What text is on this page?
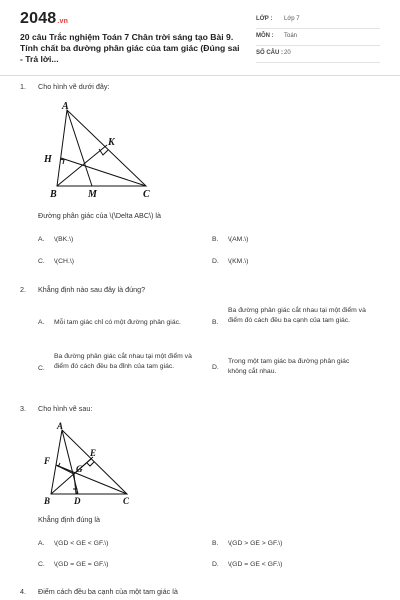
2048.vn
20 câu Trắc nghiệm Toán 7 Chân trời sáng tạo Bài 9. Tính chất ba đường phân giác của tam giác (Đúng sai - Trả lời...
LỚP : Lớp 7
MÔN : Toán
SỐ CÂU : 20
1. Cho hình vẽ dưới đây:
A
K
H
B	M	C
Đường phân giác của \(\Delta ABC\) là
A. \(BK.\)	B. \(AM.\)
C. \(CH.\)	D. \(KM.\)
2. Khẳng định nào sau đây là đúng?
A. Mỗi tam giác chỉ có một đường phân giác.	B.
Ba đường phân giác cắt nhau tại một điểm và điểm đó cách đều ba cạnh của tam giác.
C.
Ba đường phân giác cắt nhau tại một điểm và điểm đó cách đều ba đỉnh của tam giác.	D.
Trong một tam giác ba đường phân giác không cắt nhau.
3. Cho hình vẽ sau:
A
E
F
G
B	D	C
Khẳng định đúng là
A. \(GD < GE < GF.\)	B. \(GD > GE > GF.\)
C. \(GD = GE = GF.\)	D. \(GD = GE < GF.\)
4. Điểm cách đều ba cạnh của một tam giác là
